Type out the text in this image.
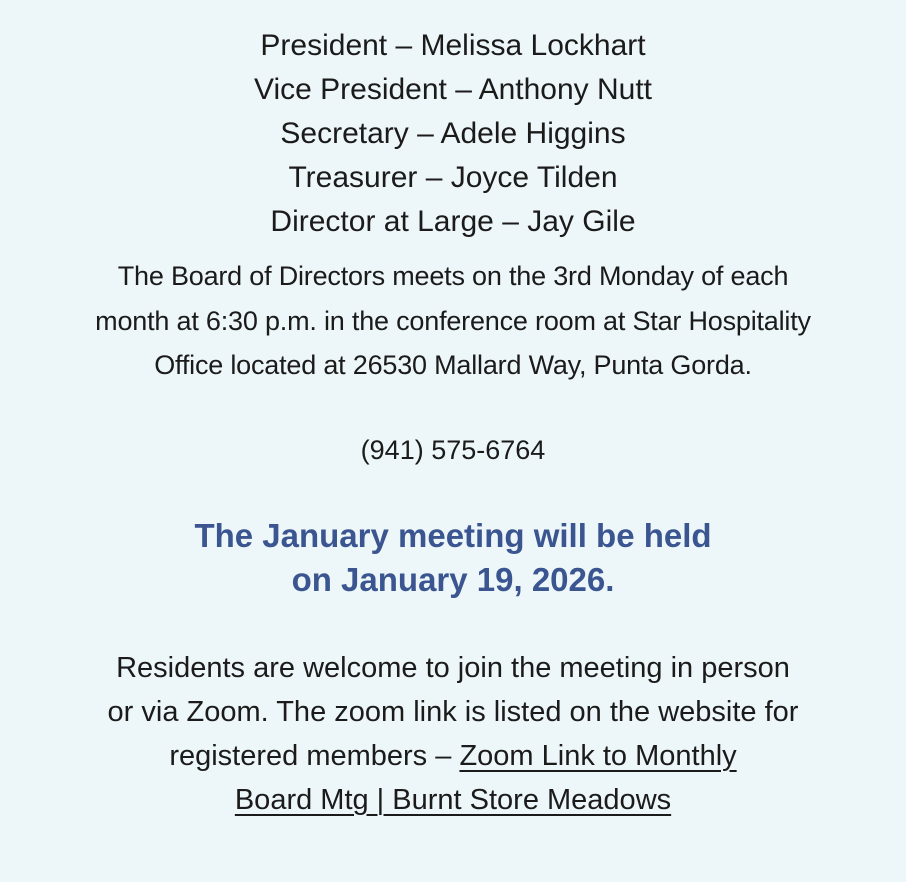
President – Melissa Lockhart
Vice President – Anthony Nutt
Secretary – Adele Higgins
Treasurer – Joyce Tilden
Director at Large – Jay Gile

The Board of Directors meets on the 3rd Monday of each
month at 6:30 p.m. in the conference room at Star Hospitality
Office located at 26530 Mallard Way, Punta Gorda.

(941) 575-6764

The January meeting will be held
on January 19, 2026.

Residents are welcome to join the meeting in person
or via Zoom. The zoom link is listed on the website for
registered members – Zoom Link to Monthly
Board Mtg | Burnt Store Meadows
